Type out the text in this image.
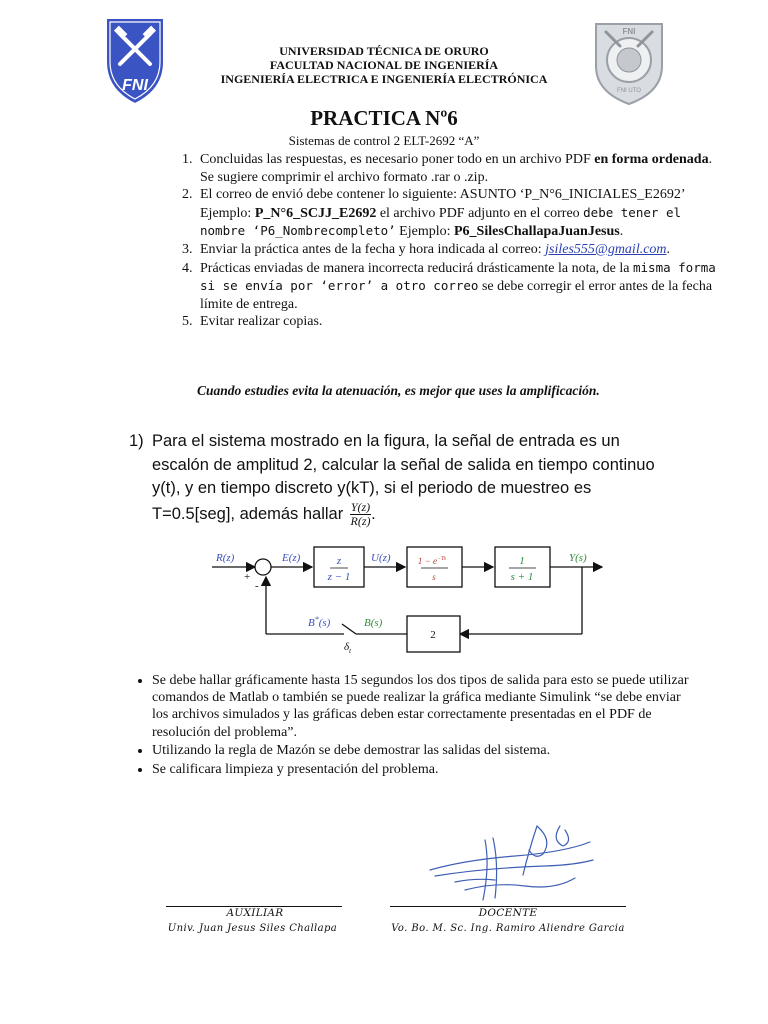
FNI
FNI
FNI UTO
UNIVERSIDAD TÉCNICA DE ORURO
FACULTAD NACIONAL DE INGENIERÍA
INGENIERÍA ELECTRICA E INGENIERÍA ELECTRÓNICA
PRACTICA Nº6
Sistemas de control 2 ELT-2692 “A”
1. Concluidas las respuestas, es necesario poner todo en un archivo PDF en forma ordenada. Se sugiere comprimir el archivo formato .rar o .zip.
2. El correo de envió debe contener lo siguiente: ASUNTO ‘P_N°6_INICIALES_E2692’ Ejemplo: P_N°6_SCJJ_E2692 el archivo PDF adjunto en el correo debe tener el nombre ‘P6_Nombrecompleto’ Ejemplo: P6_SilesChallapaJuanJesus.
3. Enviar la práctica antes de la fecha y hora indicada al correo: jsiles555@gmail.com.
4. Prácticas enviadas de manera incorrecta reducirá drásticamente la nota, de la misma forma si se envía por ‘error’ a otro correo se debe corregir el error antes de la fecha límite de entrega.
5. Evitar realizar copias.
Cuando estudies evita la atenuación, es mejor que uses la amplificación.
1) Para el sistema mostrado en la figura, la señal de entrada es un escalón de amplitud 2, calcular la señal de salida en tiempo continuo y(t), y en tiempo discreto y(kT), si el periodo de muestreo es T=0.5[seg], además hallar $\frac{Y(z)}{R(z)}$ .
R(z)	E(z)	U(z)	Y(s)
z
z − 1
$1 - e^{-Ts}$
s
1
s + 1
2
B*(s)	B(s)
$\delta_t$
+
-
• Se debe hallar gráficamente hasta 15 segundos los dos tipos de salida para esto se puede utilizar comandos de Matlab o también se puede realizar la gráfica mediante Simulink “se debe enviar los archivos simulados y las gráficas deben estar correctamente presentadas en el PDF de resolución del problema”.
• Utilizando la regla de Mazón se debe demostrar las salidas del sistema.
• Se calificara limpieza y presentación del problema.
AUXILIAR
Univ. Juan Jesus Siles Challapa
DOCENTE
Vo. Bo. M. Sc. Ing. Ramiro Aliendre Garcia
